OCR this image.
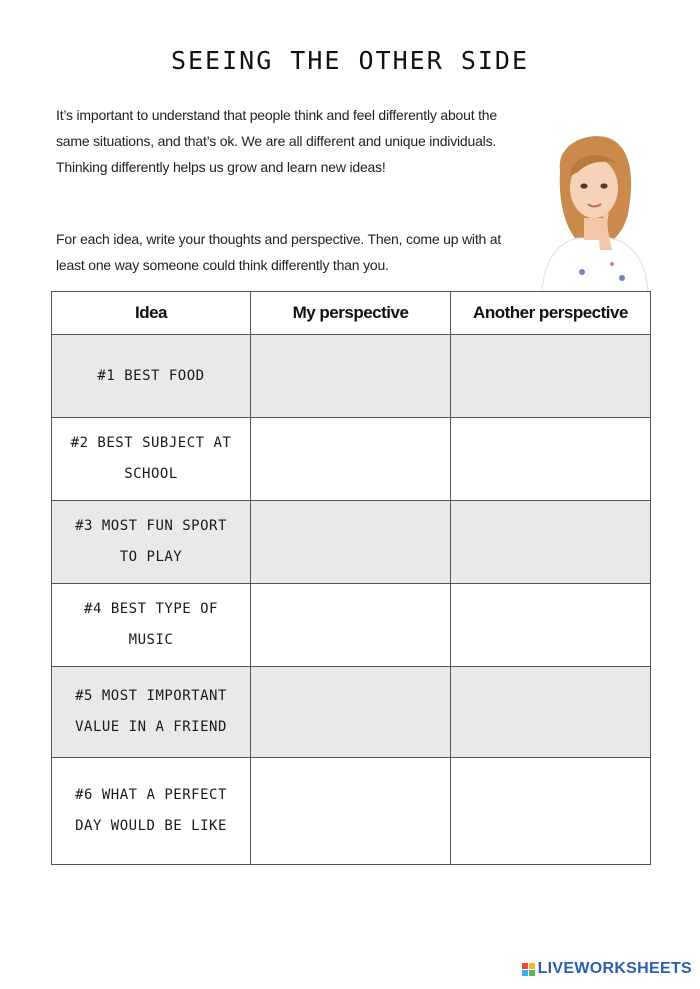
SEEING THE OTHER SIDE
It’s important to understand that people think and feel differently about the same situations, and that’s ok. We are all different and unique individuals. Thinking differently helps us grow and learn new ideas!
For each idea, write your thoughts and perspective. Then, come up with at least one way someone could think differently than you.
Idea	My perspective	Another perspective
#1 BEST FOOD		
#2 BEST SUBJECT AT SCHOOL		
#3 MOST FUN SPORT TO PLAY		
#4 BEST TYPE OF MUSIC		
#5 MOST IMPORTANT VALUE IN A FRIEND		
#6 WHAT A PERFECT DAY WOULD BE LIKE		
LIVEWORKSHEETS
